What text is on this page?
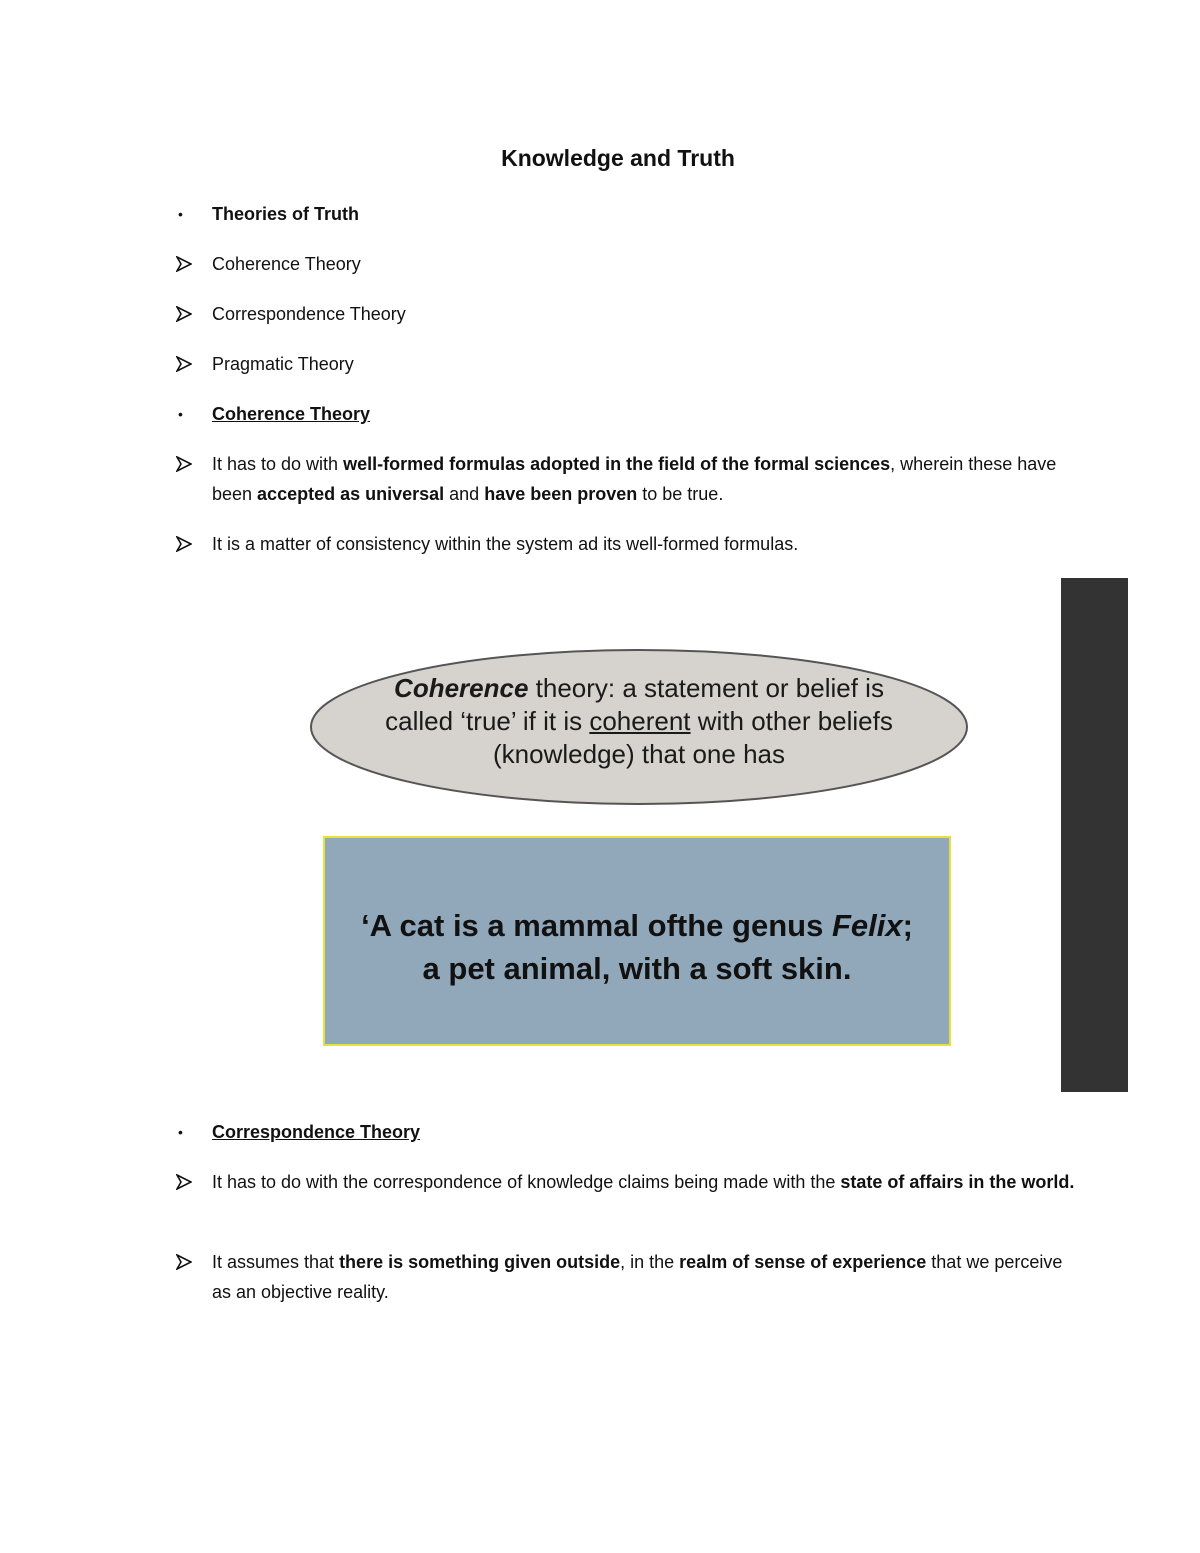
Knowledge and Truth
•	Theories of Truth
Coherence Theory
Correspondence Theory
Pragmatic Theory
•	Coherence Theory
It has to do with well-formed formulas adopted in the field of the formal sciences, wherein these have been accepted as universal and have been proven to be true.
It is a matter of consistency within the system ad its well-formed formulas.
Coherence theory: a statement or belief is
called ‘true’ if it is coherent with other beliefs
(knowledge) that one has
‘A cat is a mammal ofthe genus Felix;
a pet animal, with a soft skin.
•	Correspondence Theory
It has to do with the correspondence of knowledge claims being made with the state of affairs in the world.
It assumes that there is something given outside, in the realm of sense of experience that we perceive as an objective reality.
